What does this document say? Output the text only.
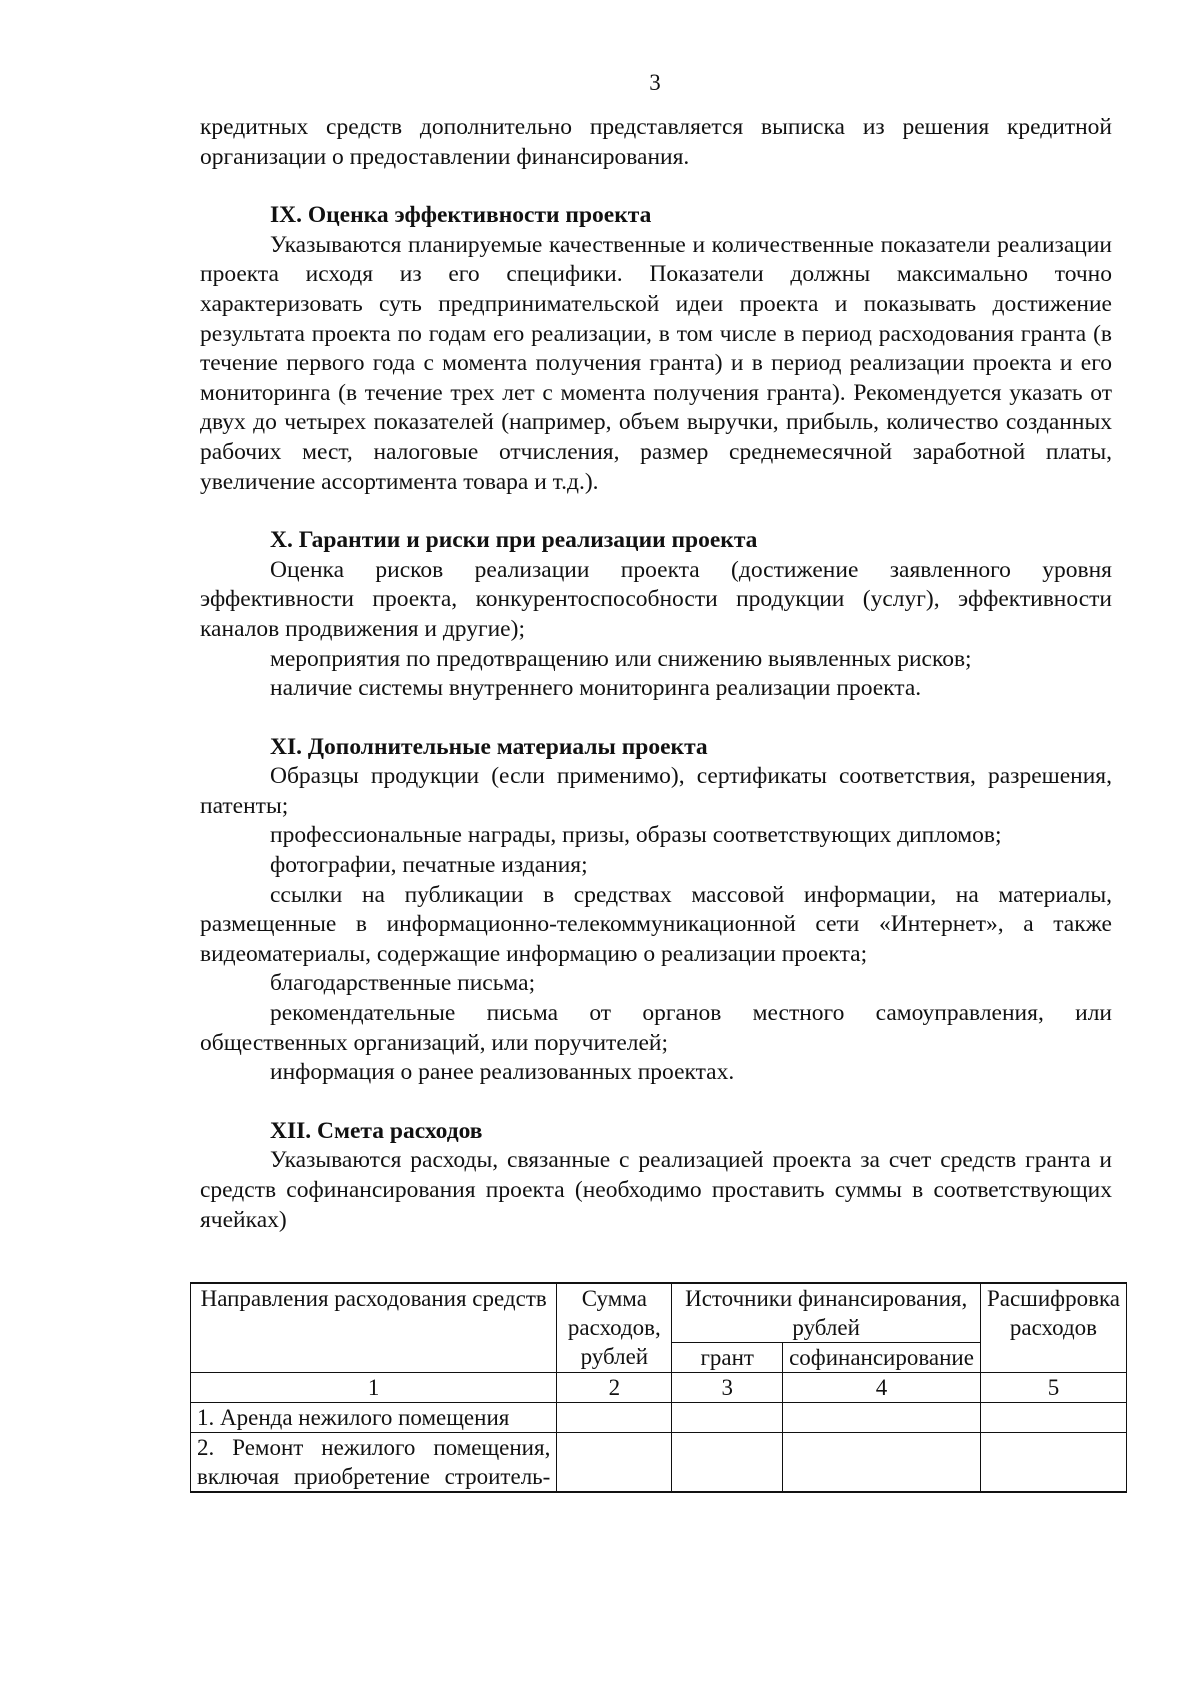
3

кредитных средств дополнительно представляется выписка из решения кредитной организации о предоставлении финансирования.

IX. Оценка эффективности проекта

Указываются планируемые качественные и количественные показатели реализации проекта исходя из его специфики. Показатели должны максимально точно характеризовать суть предпринимательской идеи проекта и показывать достижение результата проекта по годам его реализации, в том числе в период расходования гранта (в течение первого года с момента получения гранта) и в период реализации проекта и его мониторинга (в течение трех лет с момента получения гранта). Рекомендуется указать от двух до четырех показателей (например, объем выручки, прибыль, количество созданных рабочих мест, налоговые отчисления, размер среднемесячной заработной платы, увеличение ассортимента товара и т.д.).

X. Гарантии и риски при реализации проекта

Оценка рисков реализации проекта (достижение заявленного уровня эффективности проекта, конкурентоспособности продукции (услуг), эффективности каналов продвижения и другие);

мероприятия по предотвращению или снижению выявленных рисков;

наличие системы внутреннего мониторинга реализации проекта.

XI. Дополнительные материалы проекта

Образцы продукции (если применимо), сертификаты соответствия, разрешения, патенты;

профессиональные награды, призы, образы соответствующих дипломов;

фотографии, печатные издания;

ссылки на публикации в средствах массовой информации, на материалы, размещенные в информационно-телекоммуникационной сети «Интернет», а также видеоматериалы, содержащие информацию о реализации проекта;

благодарственные письма;

рекомендательные письма от органов местного самоуправления, или общественных организаций, или поручителей;

информация о ранее реализованных проектах.

XII. Смета расходов

Указываются расходы, связанные с реализацией проекта за счет средств гранта и средств софинансирования проекта (необходимо проставить суммы в соответствующих ячейках)

Направления расходования средств	Сумма расходов, рублей	Источники финансирования, рублей		Расшифровка расходов
		грант	софинансирование	
1	2	3	4	5
1. Аренда нежилого помещения				
2. Ремонт нежилого помещения, включая приобретение строитель-				
